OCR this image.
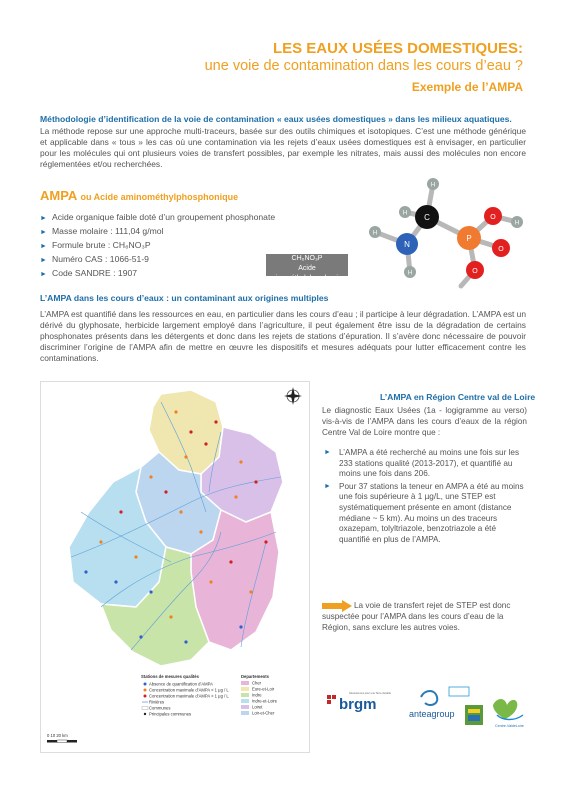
LES EAUX USÉES DOMESTIQUES:
une voie de contamination dans les cours d’eau ?
Exemple de l’AMPA
Méthodologie d’identification de la voie de contamination « eaux usées domestiques » dans les milieux aquatiques.
La méthode repose sur une approche multi-traceurs, basée sur des outils chimiques et isotopiques. C’est une méthode générique et applicable dans « tous » les cas où une contamination via les rejets d’eaux usées domestiques est à envisager, en particulier pour les molécules qui ont plusieurs voies de transfert possibles, par exemple les nitrates, mais aussi des molécules non encore réglementées et/ou recherchées.
AMPA ou Acide aminométhylphosphonique
► Acide organique faible doté d’un groupement phosphonate
► Masse molaire : 111,04 g/mol
► Formule brute : CH₆NO₃P
► Numéro CAS : 1066-51-9
► Code SANDRE : 1907
CH₆NO₃P
Acide aminométhylphosphonique
H
H C
N
P
O
O
O
H
H
H
L’AMPA dans les cours d’eaux : un contaminant aux origines multiples
L’AMPA est quantifié dans les ressources en eau, en particulier dans les cours d’eau ; il participe à leur dégradation. L’AMPA est un dérivé du glyphosate, herbicide largement employé dans l’agriculture, il peut également être issu de la dégradation de certains phosphonates présents dans les détergents et donc dans les rejets de stations d’épuration. Il s’avère donc nécessaire de pouvoir discriminer l’origine de l’AMPA afin de mettre en œuvre les dispositifs et mesures adéquats pour lutter efficacement contre les contaminations.
Stations de mesures qualités
Absence de quantification d’AMPA
Concentration maximale d’AMPA < 1 µg / L
Concentration maximale d’AMPA > 1 µg / L
Rivières
Communes
Principales communes
Departements
Cher
Eure-et-Loir
Indre
Indre-et-Loire
Loiret
Loir-et-Cher
0 10 20 km
L’AMPA en Région Centre val de Loire
Le diagnostic Eaux Usées (1a - logigramme au verso) vis-à-vis de l’AMPA dans les cours d’eaux de la région Centre Val de Loire montre que :
► L’AMPA a été recherché au moins une fois sur les 233 stations qualité (2013-2017), et quantifié au moins une fois dans 206.
► Pour 37 stations la teneur en AMPA a été au moins une fois supérieure à 1 µg/L, une STEP est systématiquement présente en amont (distance médiane ~ 5 km). Au moins un des traceurs oxazepam, tolyltriazole, benzotriazole a été quantifié en plus de l’AMPA.
La voie de transfert rejet de STEP est donc suspectée pour l’AMPA dans les cours d’eau de la Région, sans exclure les autres voies.
brgm
Géosciences pour une Terre durable
anteagroup
Centre-ValdeLoire
